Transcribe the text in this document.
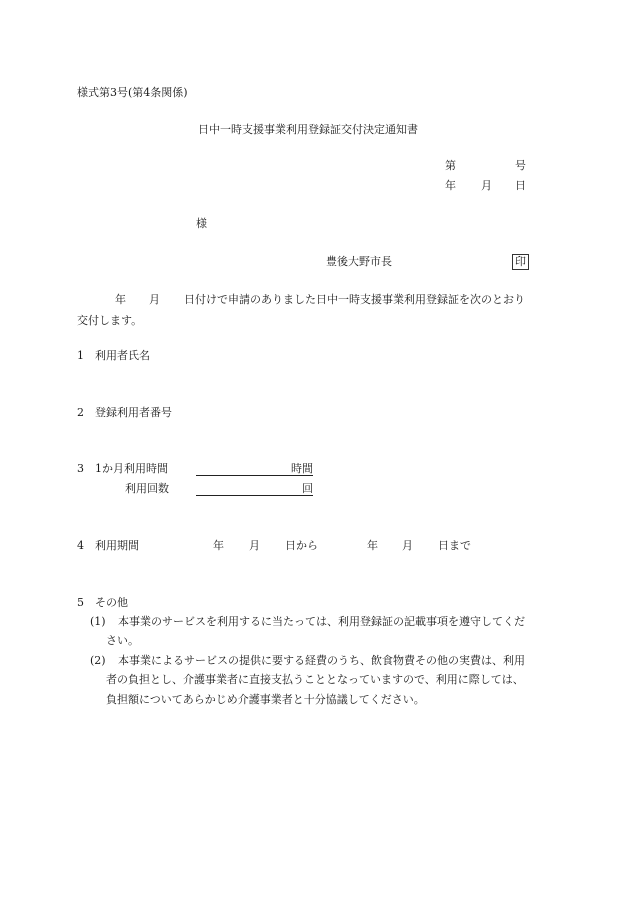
様式第3号(第4条関係)
日中一時支援事業利用登録証交付決定通知書
第	号
年 月 日
様
豊後大野市長	印
年 月 日付けで申請のありました日中一時支援事業利用登録証を次のとおり
交付します。
1 利用者氏名
2 登録利用者番号
3 1か月利用時間	時間
利用回数	回
4 利用期間	年 月 日から	年 月 日まで
5 その他
(1) 本事業のサービスを利用するに当たっては、利用登録証の記載事項を遵守してくだ
さい。
(2) 本事業によるサービスの提供に要する経費のうち、飲食物費その他の実費は、利用
者の負担とし、介護事業者に直接支払うこととなっていますので、利用に際しては、
負担額についてあらかじめ介護事業者と十分協議してください。
